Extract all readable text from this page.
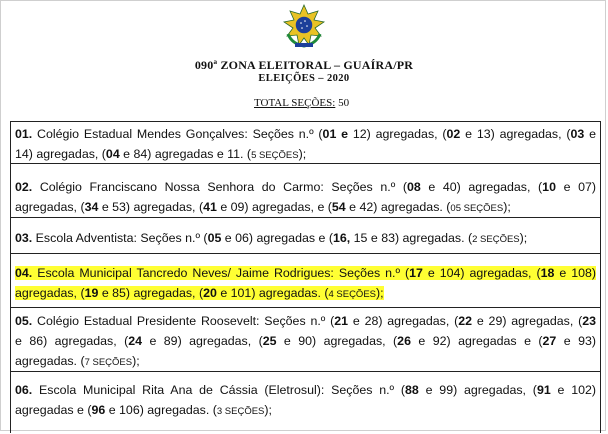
090ª ZONA ELEITORAL – GUAÍRA/PR
ELEIÇÕES – 2020
TOTAL SEÇÕES: 50
01. Colégio Estadual Mendes Gonçalves: Seções n.º (01 e 12) agregadas, (02 e 13) agregadas, (03 e
14) agregadas, (04 e 84) agregadas e 11. (5 SEÇÕES);
02. Colégio Franciscano Nossa Senhora do Carmo: Seções n.º (08 e 40) agregadas, (10 e 07)
agregadas, (34 e 53) agregadas, (41 e 09) agregadas, e (54 e 42) agregadas. (05 SEÇÕES);
03. Escola Adventista: Seções n.º (05 e 06) agregadas e (16, 15 e 83) agregadas. (2 SEÇÕES);
04. Escola Municipal Tancredo Neves/ Jaime Rodrigues: Seções n.º (17 e 104) agregadas, (18 e 108)
agregadas, (19 e 85) agregadas, (20 e 101) agregadas. (4 SEÇÕES);
05. Colégio Estadual Presidente Roosevelt: Seções n.º (21 e 28) agregadas, (22 e 29) agregadas, (23
e 86) agregadas, (24 e 89) agregadas, (25 e 90) agregadas, (26 e 92) agregadas e (27 e 93)
agregadas. (7 SEÇÕES);
06. Escola Municipal Rita Ana de Cássia (Eletrosul): Seções n.º (88 e 99) agregadas, (91 e 102)
agregadas e (96 e 106) agregadas. (3 SEÇÕES);
